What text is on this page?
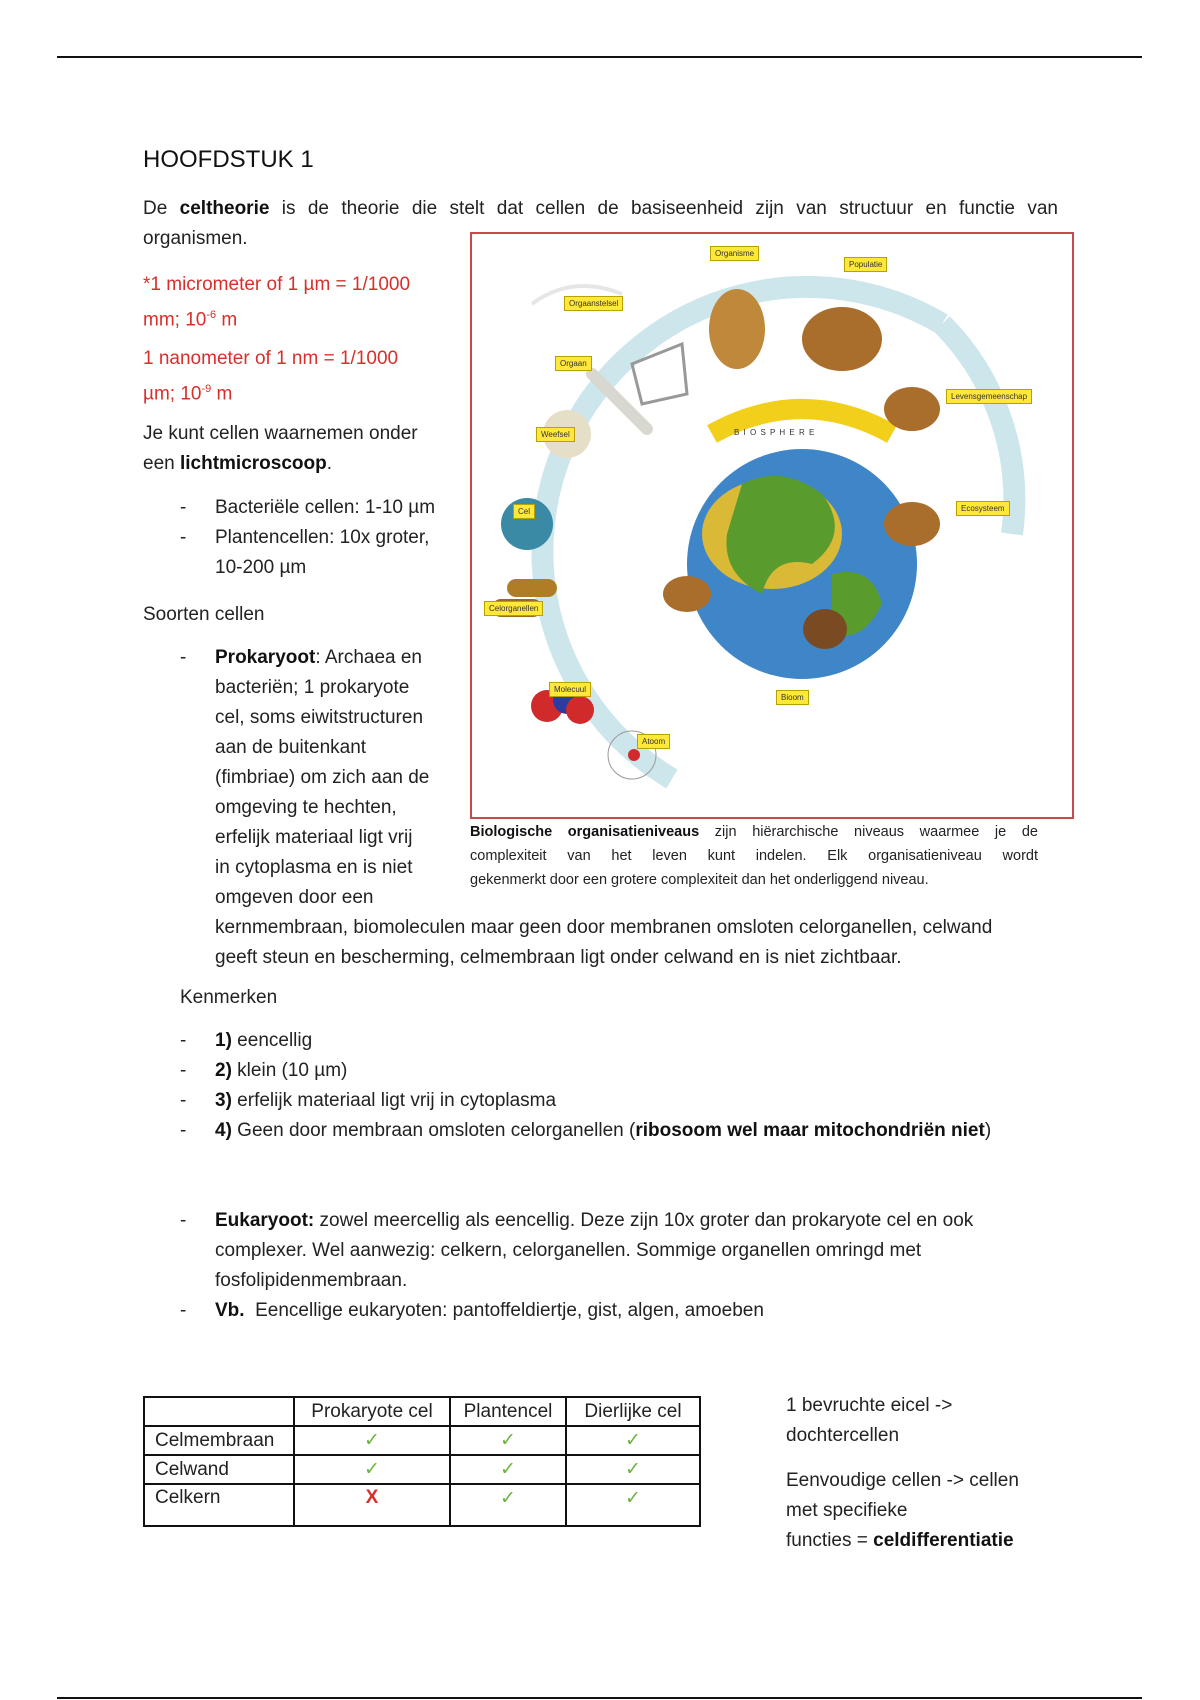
HOOFDSTUK 1
De celtheorie is de theorie die stelt dat cellen de basiseenheid zijn van structuur en functie van
organismen.
*1 micrometer of 1 µm = 1/1000
mm; $10^{-6}$ m
1 nanometer of 1 nm = 1/1000
µm; $10^{-9}$ m
Je kunt cellen waarnemen onder
een lichtmicroscoop.
- Bacteriële cellen: 1-10 µm
- Plantencellen: 10x groter,
10-200 µm
Soorten cellen
- Prokaryoot: Archaea en
bacteriën; 1 prokaryote
cel, soms eiwitstructuren
aan de buitenkant
(fimbriae) om zich aan de
omgeving te hechten,
erfelijk materiaal ligt vrij
in cytoplasma en is niet
omgeven door een
kernmembraan, biomoleculen maar geen door membranen omsloten celorganellen, celwand
geeft steun en bescherming, celmembraan ligt onder celwand en is niet zichtbaar.
Organisme
Populatie
Orgaanstelsel
Orgaan
Levensgemeenschap
Weefsel	B I O S P H E R E
Cel	Ecosysteem
Celorganellen
Molecuul
Bioom
Atoom
Biologische organisatieniveaus zijn hiërarchische niveaus waarmee je de
complexiteit van het leven kunt indelen. Elk organisatieniveau wordt
gekenmerkt door een grotere complexiteit dan het onderliggend niveau.
Kenmerken
- 1) eencellig
- 2) klein (10 µm)
- 3) erfelijk materiaal ligt vrij in cytoplasma
- 4) Geen door membraan omsloten celorganellen (ribosoom wel maar mitochondriën niet)
- Eukaryoot: zowel meercellig als eencellig. Deze zijn 10x groter dan prokaryote cel en ook
complexer. Wel aanwezig: celkern, celorganellen. Sommige organellen omringd met
fosfolipidenmembraan.
- Vb.  Eencellige eukaryoten: pantoffeldiertje, gist, algen, amoeben
	Prokaryote cel	Plantencel	Dierlijke cel
Celmembraan	✓	✓	✓
Celwand	✓	✓	✓
Celkern	X	✓	✓
1 bevruchte eicel ->
dochtercellen
Eenvoudige cellen -> cellen
met specifieke
functies = celdifferentiatie
